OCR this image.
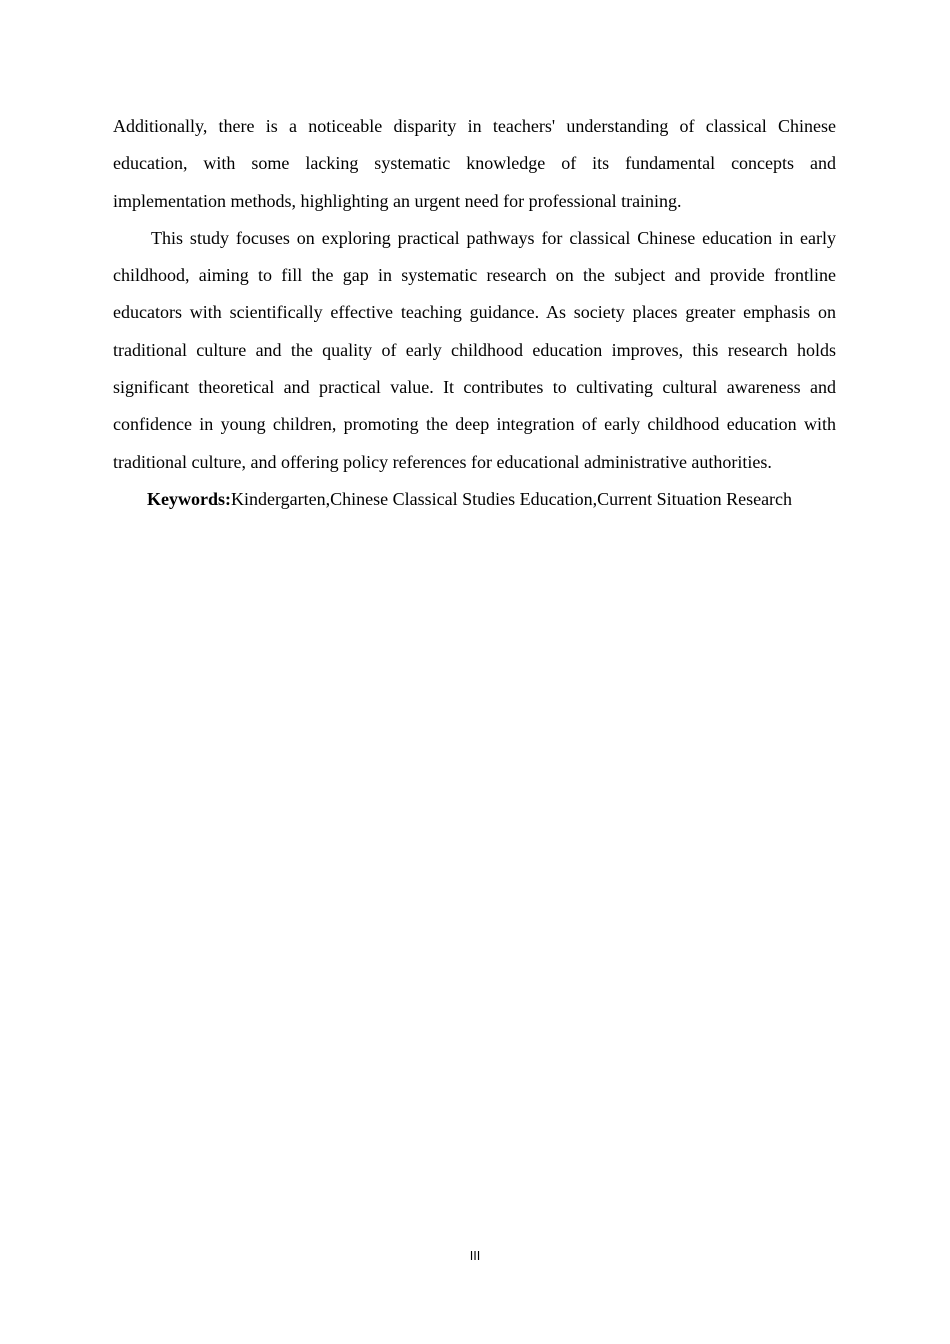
Additionally, there is a noticeable disparity in teachers' understanding of classical Chinese education, with some lacking systematic knowledge of its fundamental concepts and implementation methods, highlighting an urgent need for professional training.

This study focuses on exploring practical pathways for classical Chinese education in early childhood, aiming to fill the gap in systematic research on the subject and provide frontline educators with scientifically effective teaching guidance. As society places greater emphasis on traditional culture and the quality of early childhood education improves, this research holds significant theoretical and practical value. It contributes to cultivating cultural awareness and confidence in young children, promoting the deep integration of early childhood education with traditional culture, and offering policy references for educational administrative authorities.

Keywords:Kindergarten,Chinese Classical Studies Education,Current Situation Research

III
